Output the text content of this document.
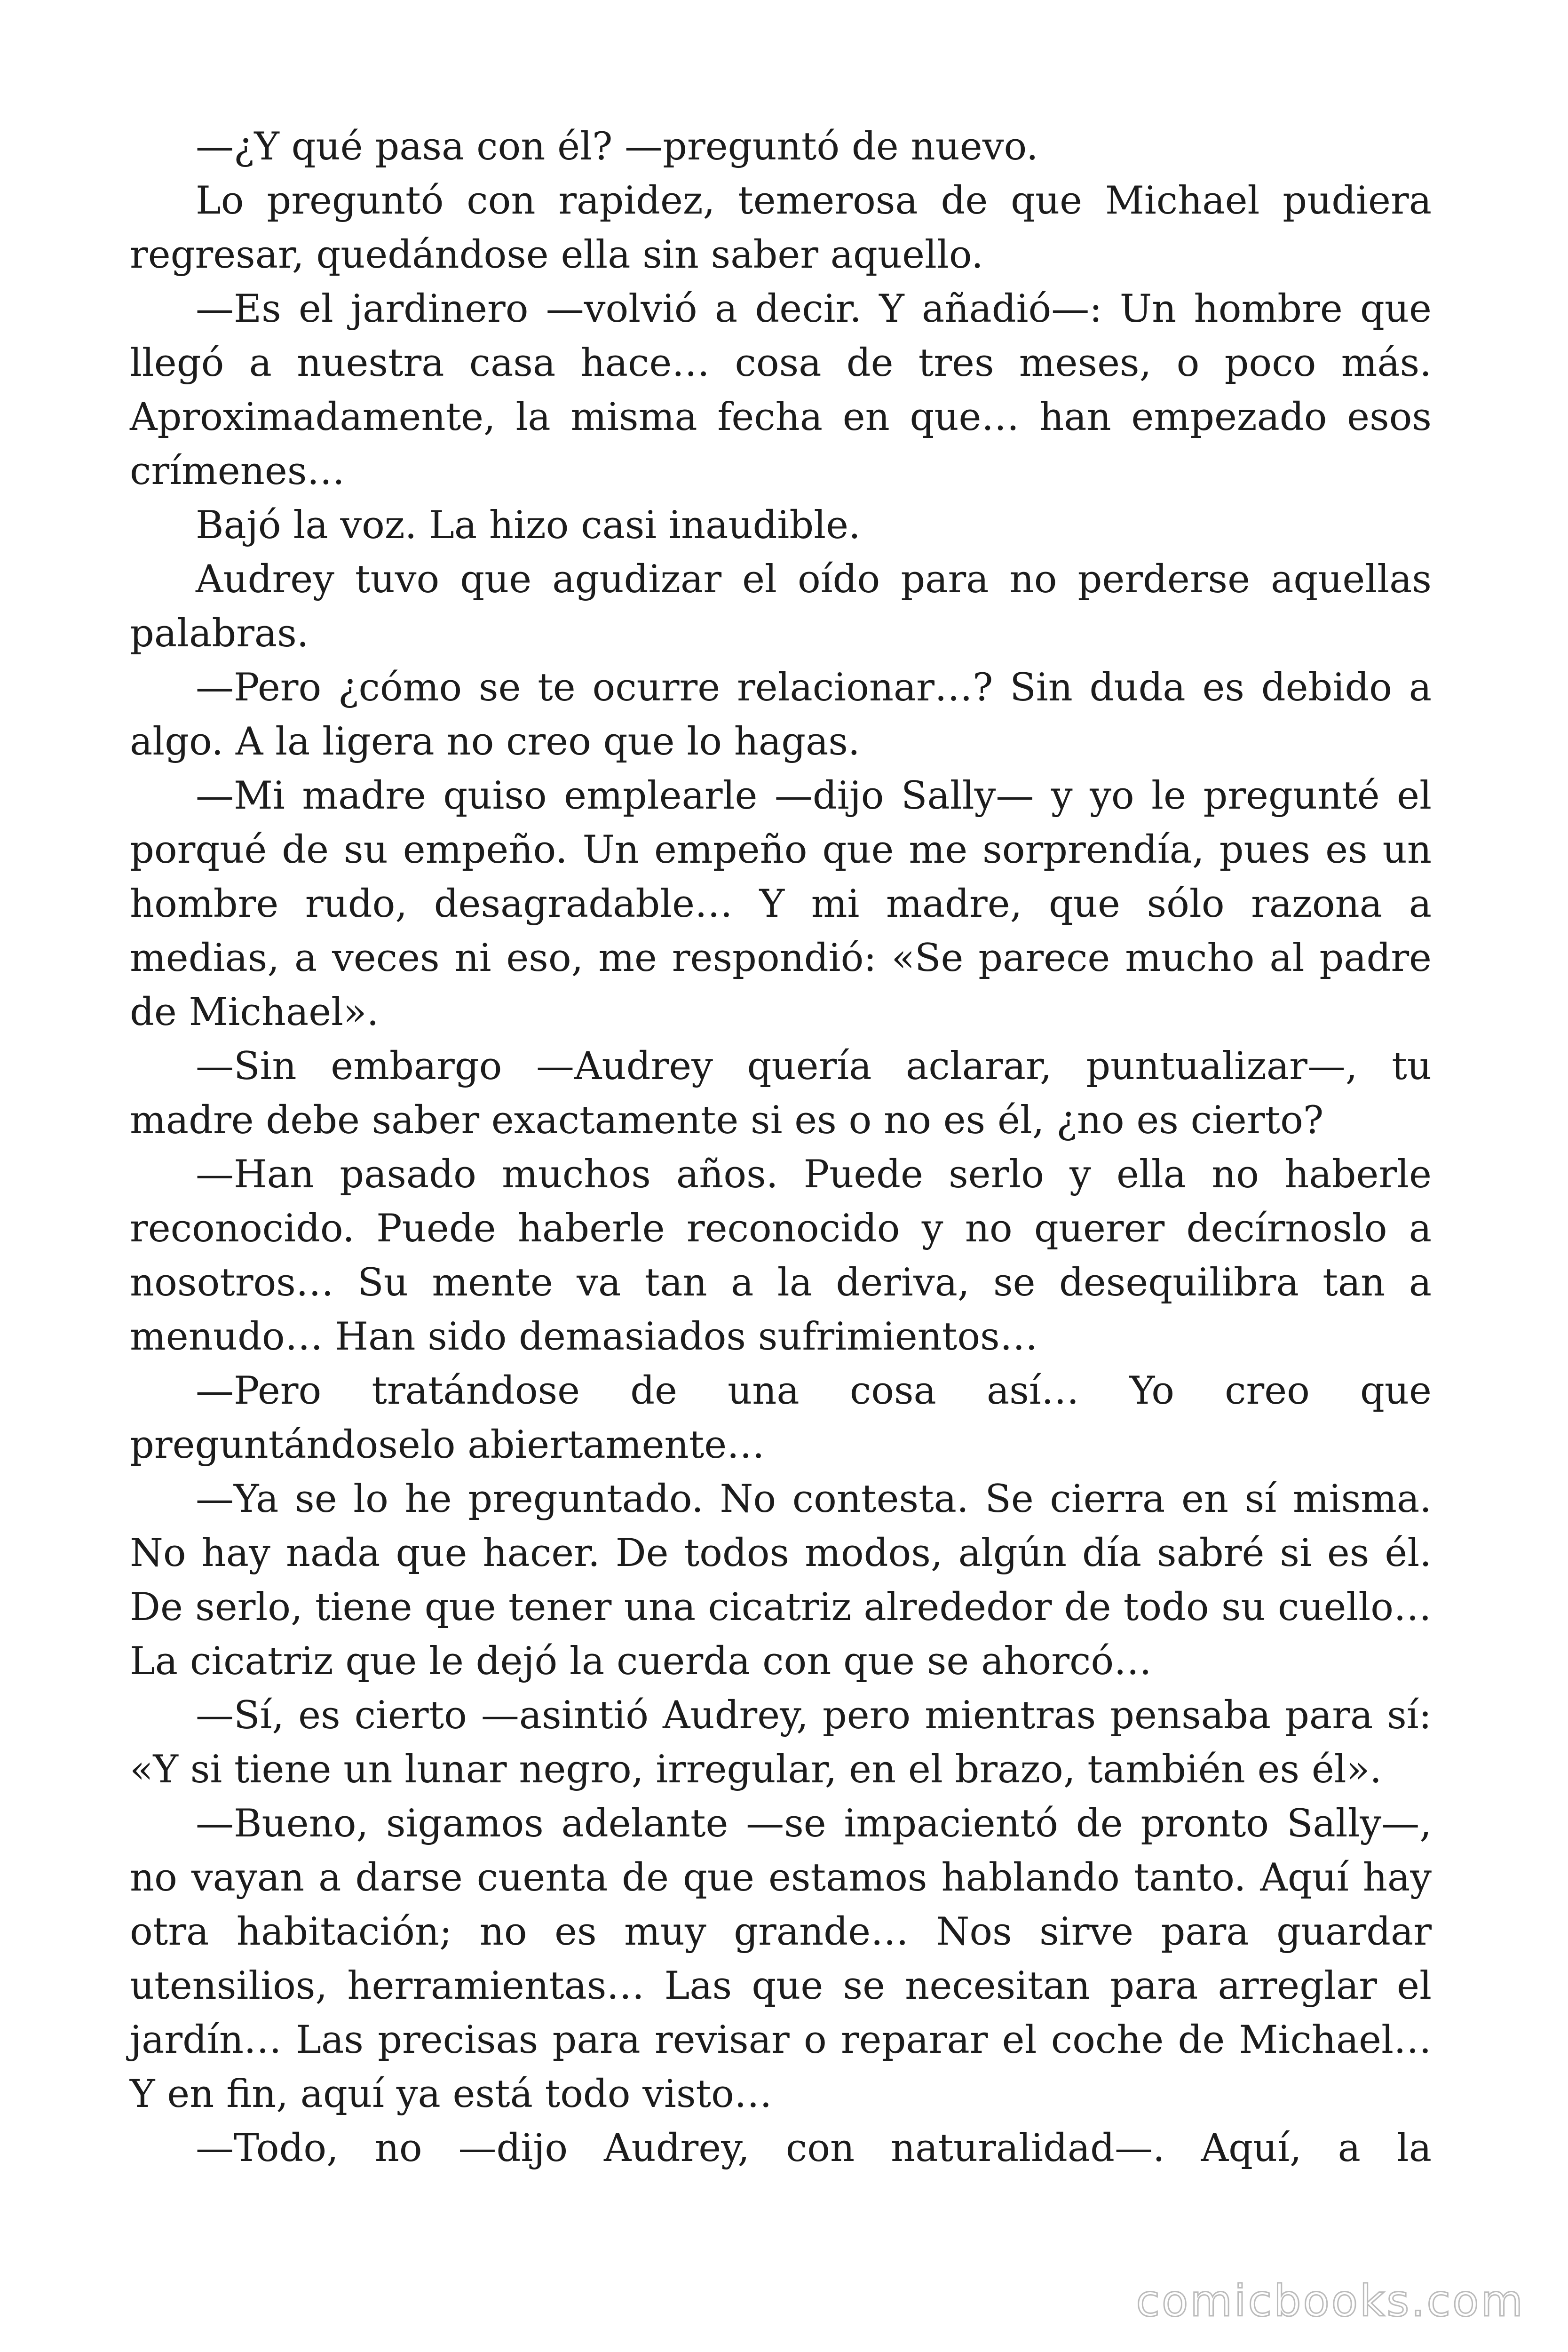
—¿Y qué pasa con él? —preguntó de nuevo.

Lo preguntó con rapidez, temerosa de que Michael pudiera regresar, quedándose ella sin saber aquello.

—Es el jardinero —volvió a decir. Y añadió—: Un hombre que llegó a nuestra casa hace… cosa de tres meses, o poco más. Aproximadamente, la misma fecha en que… han empezado esos crímenes…

Bajó la voz. La hizo casi inaudible.

Audrey tuvo que agudizar el oído para no perderse aquellas palabras.

—Pero ¿cómo se te ocurre relacionar…? Sin duda es debido a algo. A la ligera no creo que lo hagas.

—Mi madre quiso emplearle —dijo Sally— y yo le pregunté el porqué de su empeño. Un empeño que me sorprendía, pues es un hombre rudo, desagradable… Y mi madre, que sólo razona a medias, a veces ni eso, me respondió: «Se parece mucho al padre de Michael».

—Sin embargo —Audrey quería aclarar, puntualizar—, tu madre debe saber exactamente si es o no es él, ¿no es cierto?

—Han pasado muchos años. Puede serlo y ella no haberle reconocido. Puede haberle reconocido y no querer decírnoslo a nosotros… Su mente va tan a la deriva, se desequilibra tan a menudo… Han sido demasiados sufrimientos…

—Pero tratándose de una cosa así… Yo creo que preguntándoselo abiertamente…

—Ya se lo he preguntado. No contesta. Se cierra en sí misma. No hay nada que hacer. De todos modos, algún día sabré si es él. De serlo, tiene que tener una cicatriz alrededor de todo su cuello… La cicatriz que le dejó la cuerda con que se ahorcó…

—Sí, es cierto —asintió Audrey, pero mientras pensaba para sí: «Y si tiene un lunar negro, irregular, en el brazo, también es él».

—Bueno, sigamos adelante —se impacientó de pronto Sally—, no vayan a darse cuenta de que estamos hablando tanto. Aquí hay otra habitación; no es muy grande… Nos sirve para guardar utensilios, herramientas… Las que se necesitan para arreglar el jardín… Las precisas para revisar o reparar el coche de Michael… Y en fin, aquí ya está todo visto…

—Todo, no —dijo Audrey, con naturalidad—. Aquí, a la

comicbooks.com
